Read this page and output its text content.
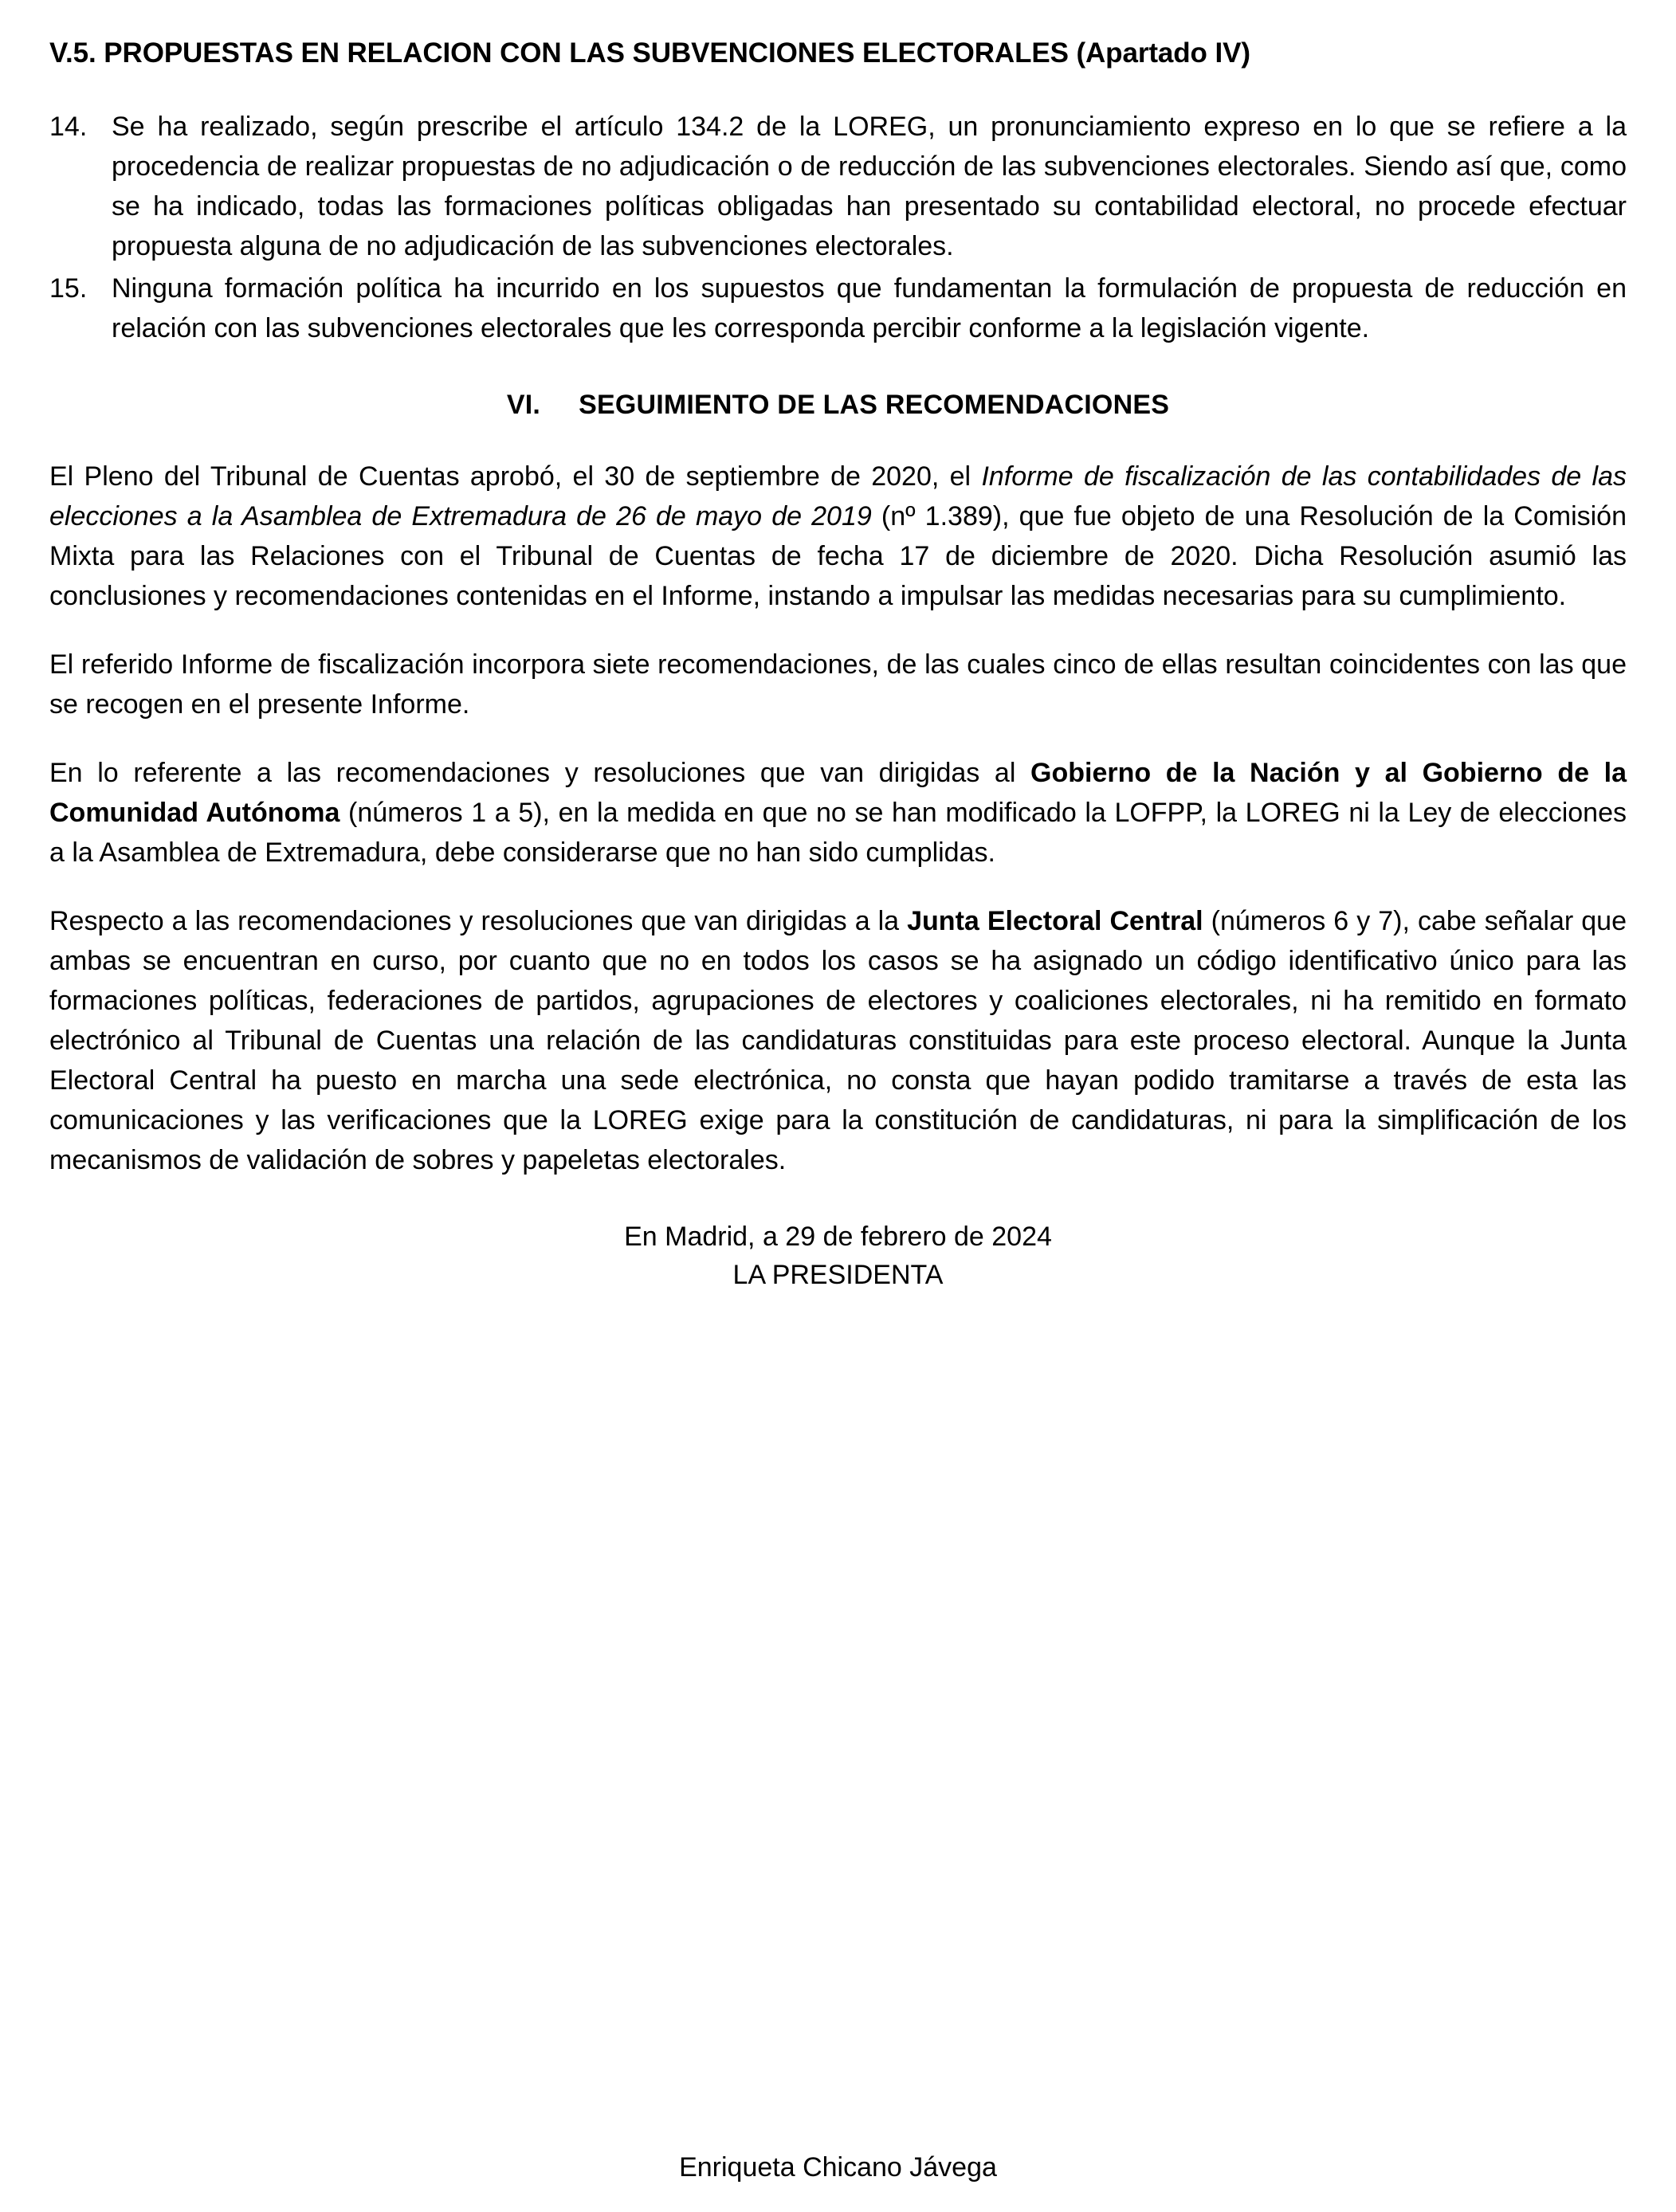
V.5. PROPUESTAS EN RELACION CON LAS SUBVENCIONES ELECTORALES (Apartado IV)
14. Se ha realizado, según prescribe el artículo 134.2 de la LOREG, un pronunciamiento expreso en lo que se refiere a la procedencia de realizar propuestas de no adjudicación o de reducción de las subvenciones electorales. Siendo así que, como se ha indicado, todas las formaciones políticas obligadas han presentado su contabilidad electoral, no procede efectuar propuesta alguna de no adjudicación de las subvenciones electorales.
15. Ninguna formación política ha incurrido en los supuestos que fundamentan la formulación de propuesta de reducción en relación con las subvenciones electorales que les corresponda percibir conforme a la legislación vigente.
VI. SEGUIMIENTO DE LAS RECOMENDACIONES

El Pleno del Tribunal de Cuentas aprobó, el 30 de septiembre de 2020, el Informe de fiscalización de las contabilidades de las elecciones a la Asamblea de Extremadura de 26 de mayo de 2019 (nº 1.389), que fue objeto de una Resolución de la Comisión Mixta para las Relaciones con el Tribunal de Cuentas de fecha 17 de diciembre de 2020. Dicha Resolución asumió las conclusiones y recomendaciones contenidas en el Informe, instando a impulsar las medidas necesarias para su cumplimiento.

El referido Informe de fiscalización incorpora siete recomendaciones, de las cuales cinco de ellas resultan coincidentes con las que se recogen en el presente Informe.

En lo referente a las recomendaciones y resoluciones que van dirigidas al Gobierno de la Nación y al Gobierno de la Comunidad Autónoma (números 1 a 5), en la medida en que no se han modificado la LOFPP, la LOREG ni la Ley de elecciones a la Asamblea de Extremadura, debe considerarse que no han sido cumplidas.

Respecto a las recomendaciones y resoluciones que van dirigidas a la Junta Electoral Central (números 6 y 7), cabe señalar que ambas se encuentran en curso, por cuanto que no en todos los casos se ha asignado un código identificativo único para las formaciones políticas, federaciones de partidos, agrupaciones de electores y coaliciones electorales, ni ha remitido en formato electrónico al Tribunal de Cuentas una relación de las candidaturas constituidas para este proceso electoral. Aunque la Junta Electoral Central ha puesto en marcha una sede electrónica, no consta que hayan podido tramitarse a través de esta las comunicaciones y las verificaciones que la LOREG exige para la constitución de candidaturas, ni para la simplificación de los mecanismos de validación de sobres y papeletas electorales.

En Madrid, a 29 de febrero de 2024
LA PRESIDENTA
Enriqueta Chicano Jávega
